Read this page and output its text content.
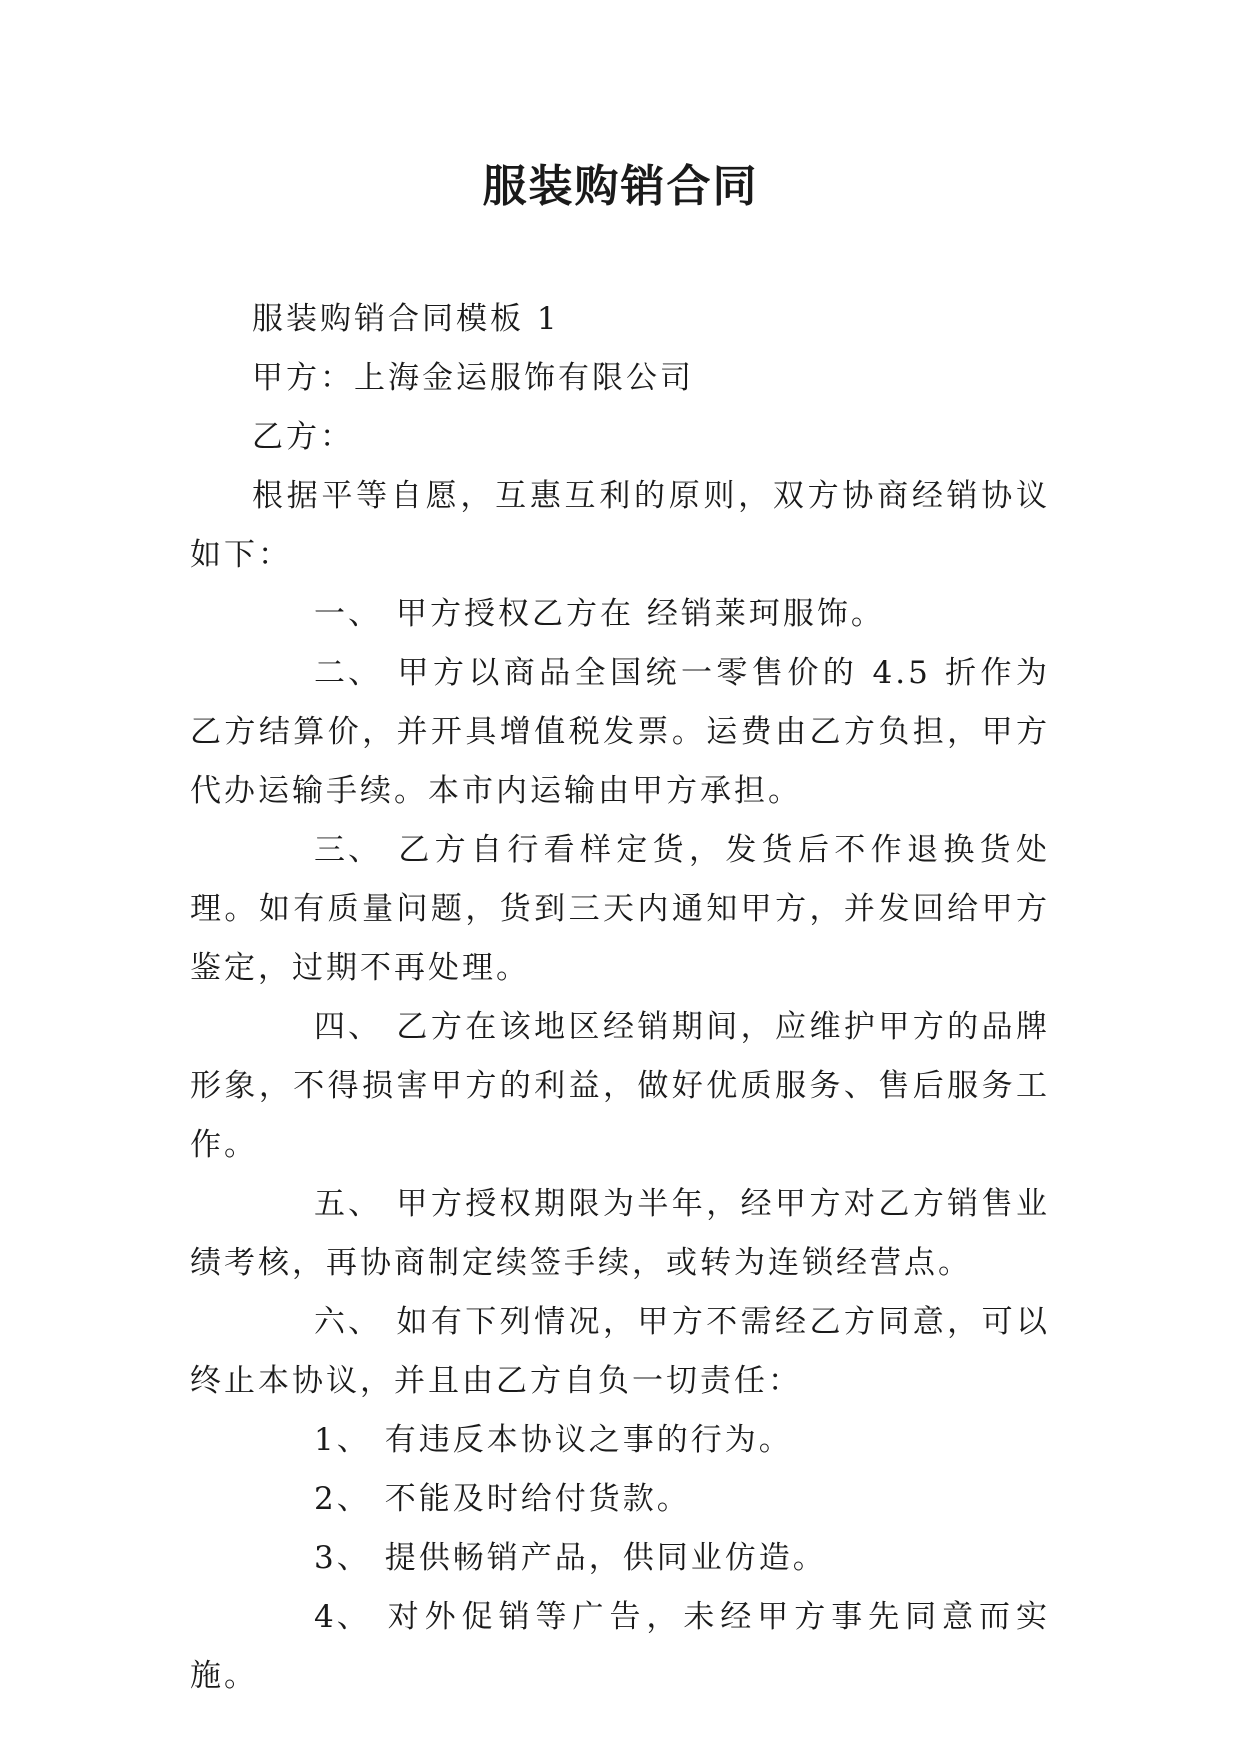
服装购销合同

服装购销合同模板 1

甲方：上海金运服饰有限公司

乙方：

根据平等自愿，互惠互利的原则，双方协商经销协议如下：

一、 甲方授权乙方在 经销莱珂服饰。

二、 甲方以商品全国统一零售价的 4.5 折作为乙方结算价，并开具增值税发票。运费由乙方负担，甲方代办运输手续。本市内运输由甲方承担。

三、 乙方自行看样定货，发货后不作退换货处理。如有质量问题，货到三天内通知甲方，并发回给甲方鉴定，过期不再处理。

四、 乙方在该地区经销期间，应维护甲方的品牌形象，不得损害甲方的利益，做好优质服务、售后服务工作。

五、 甲方授权期限为半年，经甲方对乙方销售业绩考核，再协商制定续签手续，或转为连锁经营点。

六、 如有下列情况，甲方不需经乙方同意，可以终止本协议，并且由乙方自负一切责任：

1、 有违反本协议之事的行为。

2、 不能及时给付货款。

3、 提供畅销产品，供同业仿造。

4、 对外促销等广告，未经甲方事先同意而实施。
